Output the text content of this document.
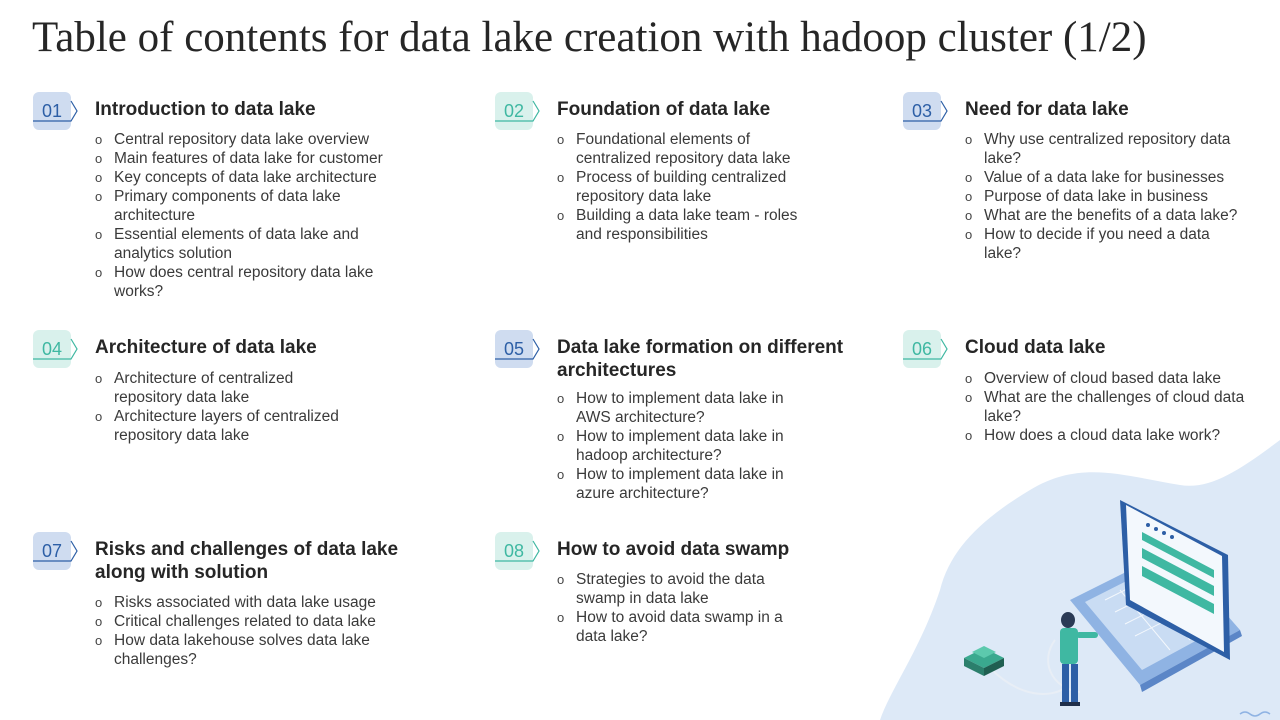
Table of contents for data lake creation with hadoop cluster (1/2)
01	Introduction to data lake
o Central repository data lake overview
o Main features of data lake for customer
o Key concepts of data lake architecture
o Primary components of data lake architecture
o Essential elements of data lake and analytics solution
o How does central repository data lake works?
02	Foundation of data lake
o Foundational elements of centralized repository data lake
o Process of building centralized repository data lake
o Building a data lake team - roles and responsibilities
03	Need for data lake
o Why use centralized repository data lake?
o Value of a data lake for businesses
o Purpose of data lake in business
o What are the benefits of a data lake?
o How to decide if you need a data lake?
04	Architecture of data lake
o Architecture of centralized repository data lake
o Architecture layers of centralized repository data lake
05	Data lake formation on different architectures
o How to implement data lake in AWS architecture?
o How to implement data lake in hadoop architecture?
o How to implement data lake in azure architecture?
06	Cloud data lake
o Overview of cloud based data lake
o What are the challenges of cloud data lake?
o How does a cloud data lake work?
07	Risks and challenges of data lake along with solution
o Risks associated with data lake usage
o Critical challenges related to data lake
o How data lakehouse solves data lake challenges?
08	How to avoid data swamp
o Strategies to avoid the data swamp in data lake
o How to avoid data swamp in a data lake?
